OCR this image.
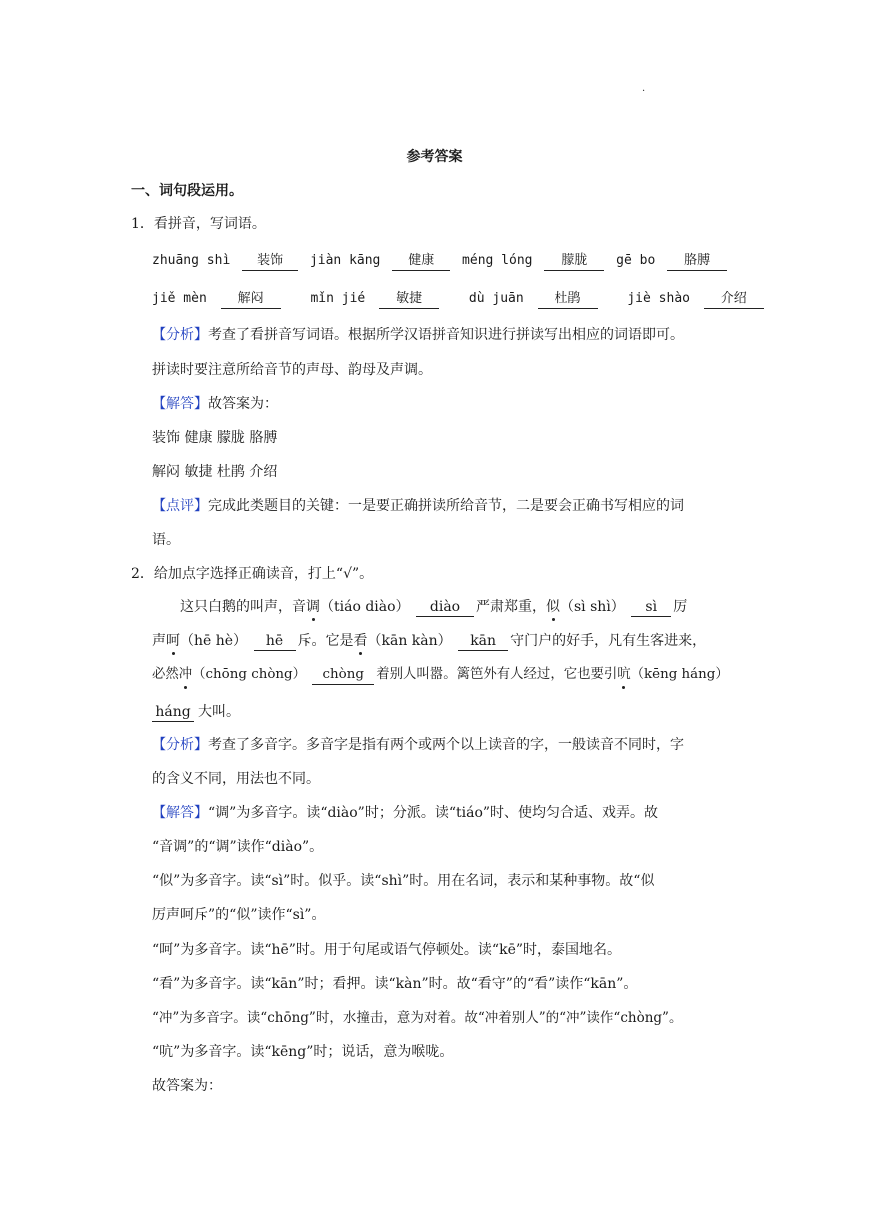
·
参考答案
一、词句段运用。
1．看拼音，写词语。
zhuāng shì 装饰 jiàn kāng 健康 méng lóng 朦胧 gē bo 胳膊
jiě mèn 解闷	mǐn jié 敏捷	dù juān 杜鹃	jiè shào 介绍
【分析】考查了看拼音写词语。根据所学汉语拼音知识进行拼读写出相应的词语即可。
拼读时要注意所给音节的声母、韵母及声调。
【解答】故答案为：
装饰 健康 朦胧 胳膊
解闷 敏捷 杜鹃 介绍
【点评】完成此类题目的关键：一是要正确拼读所给音节，二是要会正确书写相应的词
语。
2．给加点字选择正确读音，打上“√”。
这只白鹅的叫声，音调（tiáo diào） diào 严肃郑重，似（sì shì） sì 厉
声呵（hē hè） hē 斥。它是看（kān kàn） kān 守门户的好手，凡有生客进来，
必然冲（chōng chòng） chòng 着别人叫嚣。篱笆外有人经过，它也要引吭（kēng háng）
háng 大叫。
【分析】考查了多音字。多音字是指有两个或两个以上读音的字，一般读音不同时，字
的含义不同，用法也不同。
【解答】“调”为多音字。读“diào”时；分派。读“tiáo”时、使均匀合适、戏弄。故
“音调”的“调”读作“diào”。
“似”为多音字。读“sì”时。似乎。读“shì”时。用在名词，表示和某种事物。故“似
厉声呵斥”的“似”读作“sì”。
“呵”为多音字。读“hē”时。用于句尾或语气停顿处。读“kē”时，泰国地名。
“看”为多音字。读“kān”时；看押。读“kàn”时。故“看守”的“看”读作“kān”。
“冲”为多音字。读“chōng”时，水撞击，意为对着。故“冲着别人”的“冲”读作“chòng”。
“吭”为多音字。读“kēng”时；说话，意为喉咙。
故答案为：
